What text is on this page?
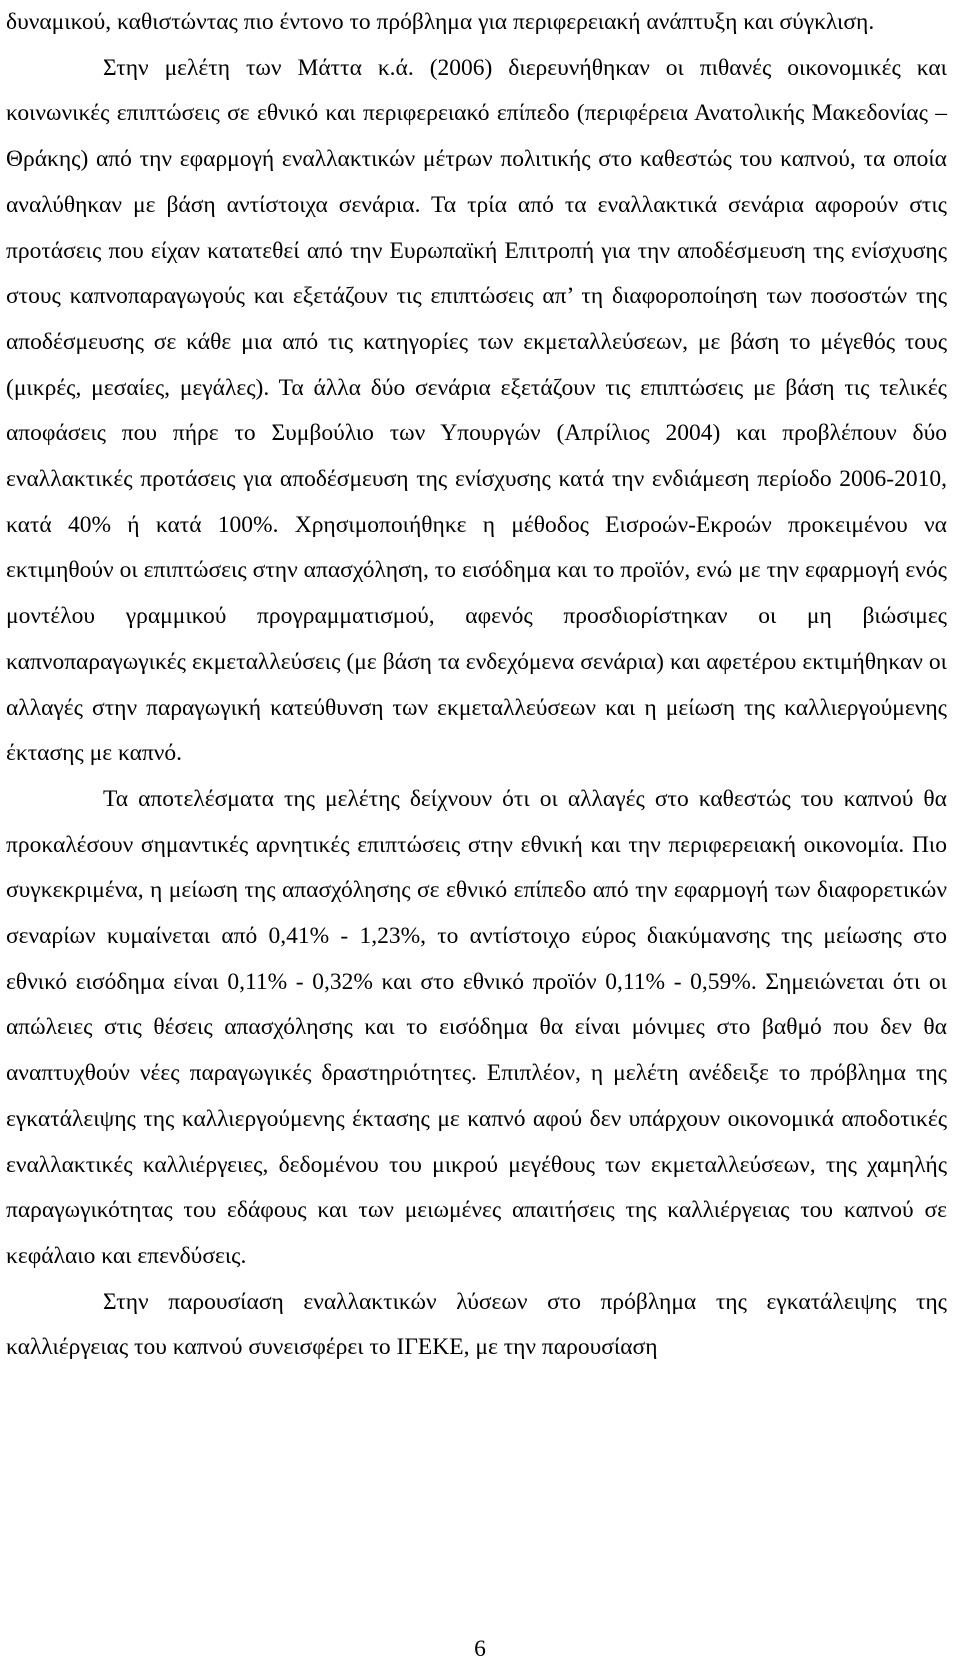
δυναμικού, καθιστώντας πιο έντονο το πρόβλημα για περιφερειακή ανάπτυξη και σύγκλιση.

Στην μελέτη των Μάττα κ.ά. (2006) διερευνήθηκαν οι πιθανές οικονομικές και κοινωνικές επιπτώσεις σε εθνικό και περιφερειακό επίπεδο (περιφέρεια Ανατολικής Μακεδονίας – Θράκης) από την εφαρμογή εναλλακτικών μέτρων πολιτικής στο καθεστώς του καπνού, τα οποία αναλύθηκαν με βάση αντίστοιχα σενάρια. Τα τρία από τα εναλλακτικά σενάρια αφορούν στις προτάσεις που είχαν κατατεθεί από την Ευρωπαϊκή Επιτροπή για την αποδέσμευση της ενίσχυσης στους καπνοπαραγωγούς και εξετάζουν τις επιπτώσεις απ’ τη διαφοροποίηση των ποσοστών της αποδέσμευσης σε κάθε μια από τις κατηγορίες των εκμεταλλεύσεων, με βάση το μέγεθός τους (μικρές, μεσαίες, μεγάλες). Τα άλλα δύο σενάρια εξετάζουν τις επιπτώσεις με βάση τις τελικές αποφάσεις που πήρε το Συμβούλιο των Υπουργών (Απρίλιος 2004) και προβλέπουν δύο εναλλακτικές προτάσεις για αποδέσμευση της ενίσχυσης κατά την ενδιάμεση περίοδο 2006-2010, κατά 40% ή κατά 100%. Χρησιμοποιήθηκε η μέθοδος Εισροών-Εκροών προκειμένου να εκτιμηθούν οι επιπτώσεις στην απασχόληση, το εισόδημα και το προϊόν, ενώ με την εφαρμογή ενός μοντέλου γραμμικού προγραμματισμού, αφενός προσδιορίστηκαν οι μη βιώσιμες καπνοπαραγωγικές εκμεταλλεύσεις (με βάση τα ενδεχόμενα σενάρια) και αφετέρου εκτιμήθηκαν οι αλλαγές στην παραγωγική κατεύθυνση των εκμεταλλεύσεων και η μείωση της καλλιεργούμενης έκτασης με καπνό.

Τα αποτελέσματα της μελέτης δείχνουν ότι οι αλλαγές στο καθεστώς του καπνού θα προκαλέσουν σημαντικές αρνητικές επιπτώσεις στην εθνική και την περιφερειακή οικονομία. Πιο συγκεκριμένα, η μείωση της απασχόλησης σε εθνικό επίπεδο από την εφαρμογή των διαφορετικών σεναρίων κυμαίνεται από 0,41% - 1,23%, το αντίστοιχο εύρος διακύμανσης της μείωσης στο εθνικό εισόδημα είναι 0,11% - 0,32% και στο εθνικό προϊόν 0,11% - 0,59%. Σημειώνεται ότι οι απώλειες στις θέσεις απασχόλησης και το εισόδημα θα είναι μόνιμες στο βαθμό που δεν θα αναπτυχθούν νέες παραγωγικές δραστηριότητες. Επιπλέον, η μελέτη ανέδειξε το πρόβλημα της εγκατάλειψης της καλλιεργούμενης έκτασης με καπνό αφού δεν υπάρχουν οικονομικά αποδοτικές εναλλακτικές καλλιέργειες, δεδομένου του μικρού μεγέθους των εκμεταλλεύσεων, της χαμηλής παραγωγικότητας του εδάφους και των μειωμένες απαιτήσεις της καλλιέργειας του καπνού σε κεφάλαιο και επενδύσεις.

Στην παρουσίαση εναλλακτικών λύσεων στο πρόβλημα της εγκατάλειψης της καλλιέργειας του καπνού συνεισφέρει το ΙΓΕΚΕ, με την παρουσίαση

6
